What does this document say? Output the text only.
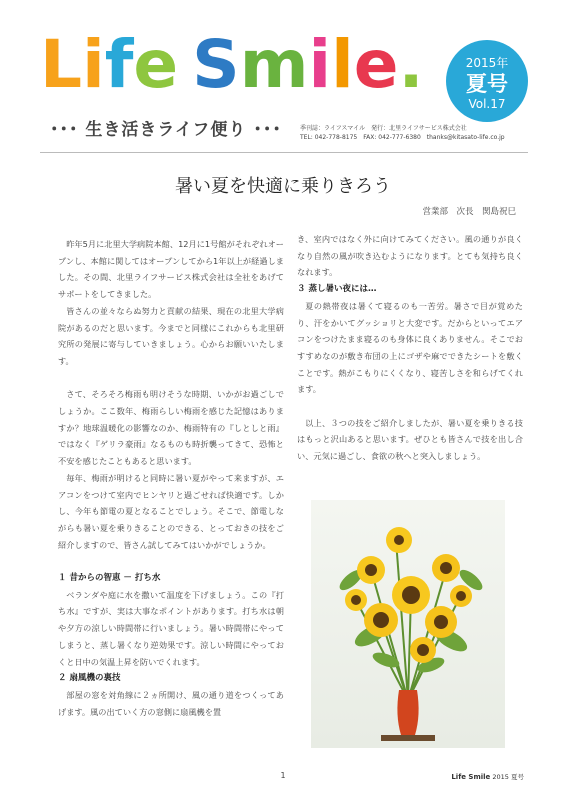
Life Smile.
･･･ 生き活きライフ便り ･･･
2015年
夏号
Vol.17
季刊誌：ライフスマイル　発行：北里ライフサービス株式会社
TEL: 042-778-8175　FAX: 042-777-6380　thanks@kitasato-life.co.jp
暑い夏を快適に乗りきろう
営業部　次長　関島祝巳

昨年5月に北里大学病院本館、12月に1号館がそれぞれオープンし、本館に関してはオープンしてから1年以上が経過しました。その間、北里ライフサービス株式会社は全社をあげてサポートをしてきました。

皆さんの並々ならぬ努力と貢献の結果、現在の北里大学病院があるのだと思います。今までと同様にこれからも北里研究所の発展に寄与していきましょう。心からお願いいたします。

さて、そろそろ梅雨も明けそうな時期、いかがお過ごしでしょうか。ここ数年、梅雨らしい梅雨を感じた記憶はありますか？地球温暖化の影響なのか、梅雨特有の『しとしと雨』ではなく『ゲリラ豪雨』なるものも時折襲ってきて、恐怖と不安を感じたこともあると思います。

毎年、梅雨が明けると同時に暑い夏がやって来ますが、エアコンをつけて室内でヒンヤリと過ごせれば快適です。しかし、今年も節電の夏となることでしょう。そこで、節電しながらも暑い夏を乗りきることのできる、とっておきの技をご紹介しますので、皆さん試してみてはいかがでしょうか。

１ 昔からの智恵 － 打ち水

ベランダや庭に水を撒いて温度を下げましょう。この『打ち水』ですが、実は大事なポイントがあります。打ち水は朝や夕方の涼しい時間帯に行いましょう。暑い時間帯にやってしまうと、蒸し暑くなり逆効果です。涼しい時間にやっておくと日中の気温上昇を防いでくれます。

２ 扇風機の裏技

部屋の窓を対角線に２ヵ所開け、風の通り道をつくってあげます。風の出ていく方の窓側に扇風機を置

き、室内ではなく外に向けてみてください。風の通りが良くなり自然の風が吹き込むようになります。とても気持ち良くなれます。

３ 蒸し暑い夜には…

夏の熱帯夜は暑くて寝るのも一苦労。暑さで目が覚めたり、汗をかいてグッショリと大変です。だからといってエアコンをつけたまま寝るのも身体に良くありません。そこでおすすめなのが敷き布団の上にゴザや麻でできたシートを敷くことです。熱がこもりにくくなり、寝苦しさを和らげてくれます。

以上、３つの技をご紹介しましたが、暑い夏を乗りきる技はもっと沢山あると思います。ぜひとも皆さんで技を出し合い、元気に過ごし、食欲の秋へと突入しましょう。

1	Life Smile 2015 夏号
